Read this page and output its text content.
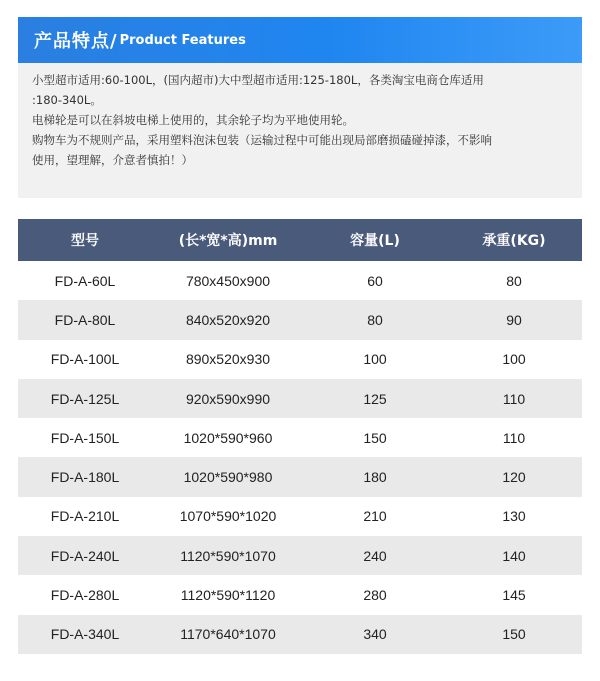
产品特点/ Product Features

小型超市适用:60-100L，(国内超市)大中型超市适用:125-180L，各类淘宝电商仓库适用

:180-340L。

电梯轮是可以在斜坡电梯上使用的，其余轮子均为平地使用轮。

购物车为不规则产品，采用塑料泡沫包装（运输过程中可能出现局部磨损磕碰掉漆，不影响

使用，望理解，介意者慎拍！）

型号	(长*宽*高)mm	容量(L)	承重(KG)
FD-A-60L	780x450x900	60	80
FD-A-80L	840x520x920	80	90
FD-A-100L	890x520x930	100	100
FD-A-125L	920x590x990	125	110
FD-A-150L	1020*590*960	150	110
FD-A-180L	1020*590*980	180	120
FD-A-210L	1070*590*1020	210	130
FD-A-240L	1120*590*1070	240	140
FD-A-280L	1120*590*1120	280	145
FD-A-340L	1170*640*1070	340	150
